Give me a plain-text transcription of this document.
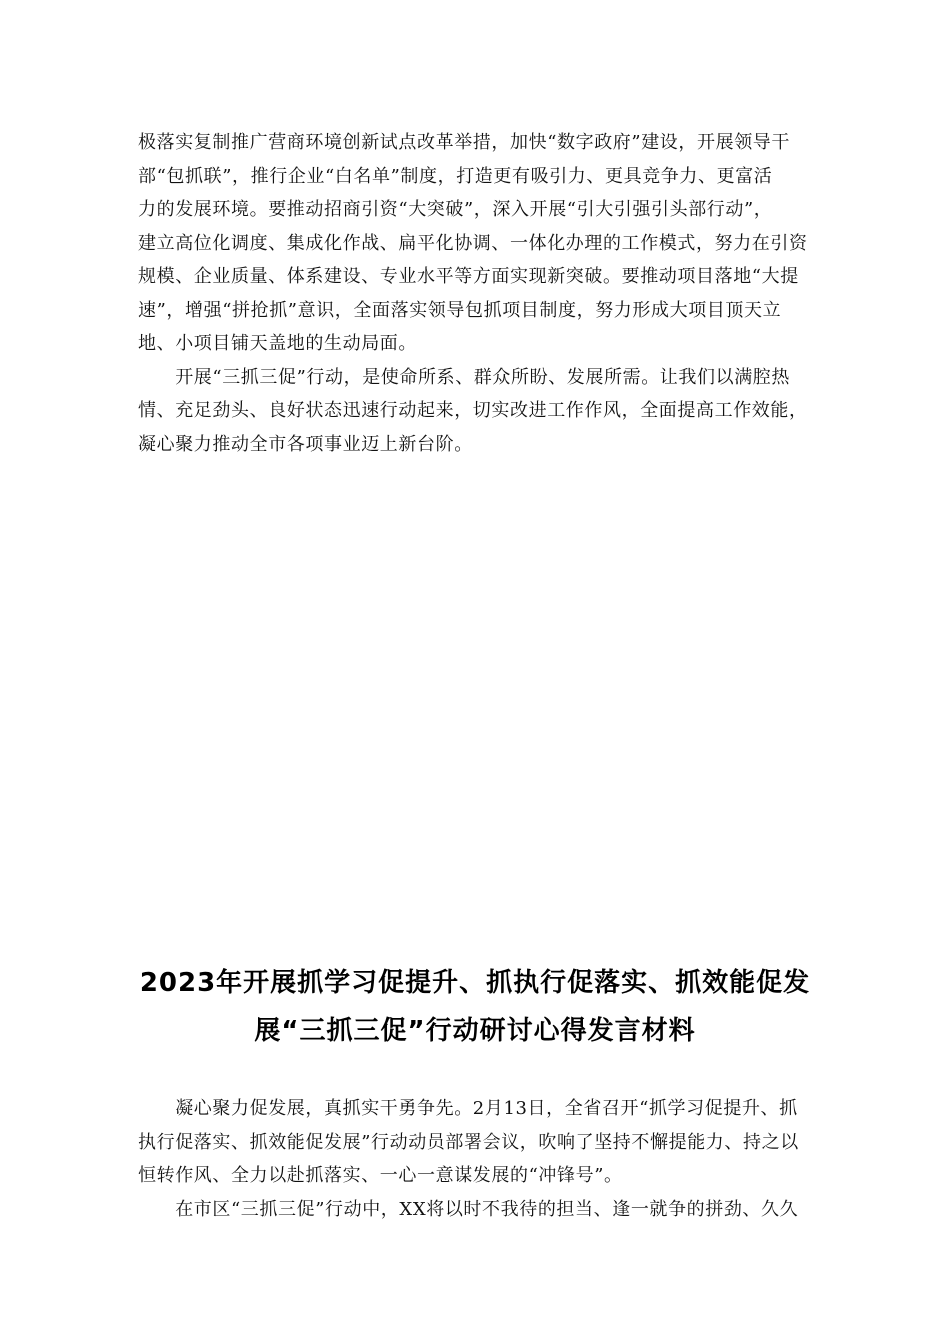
极落实复制推广营商环境创新试点改革举措，加快“数字政府”建设，开展领导干
部“包抓联”，推行企业“白名单”制度，打造更有吸引力、更具竞争力、更富活
力的发展环境。要推动招商引资“大突破”，深入开展“引大引强引头部行动”，
建立高位化调度、集成化作战、扁平化协调、一体化办理的工作模式，努力在引资
规模、企业质量、体系建设、专业水平等方面实现新突破。要推动项目落地“大提
速”，增强“拼抢抓”意识，全面落实领导包抓项目制度，努力形成大项目顶天立
地、小项目铺天盖地的生动局面。
　　开展“三抓三促”行动，是使命所系、群众所盼、发展所需。让我们以满腔热
情、充足劲头、良好状态迅速行动起来，切实改进工作作风，全面提高工作效能，
凝心聚力推动全市各项事业迈上新台阶。
2023年开展抓学习促提升、抓执行促落实、抓效能促发
展“三抓三促”行动研讨心得发言材料
　　凝心聚力促发展，真抓实干勇争先。2月13日，全省召开“抓学习促提升、抓
执行促落实、抓效能促发展”行动动员部署会议，吹响了坚持不懈提能力、持之以
恒转作风、全力以赴抓落实、一心一意谋发展的“冲锋号”。
　　在市区“三抓三促”行动中，XX将以时不我待的担当、逢一就争的拼劲、久久
